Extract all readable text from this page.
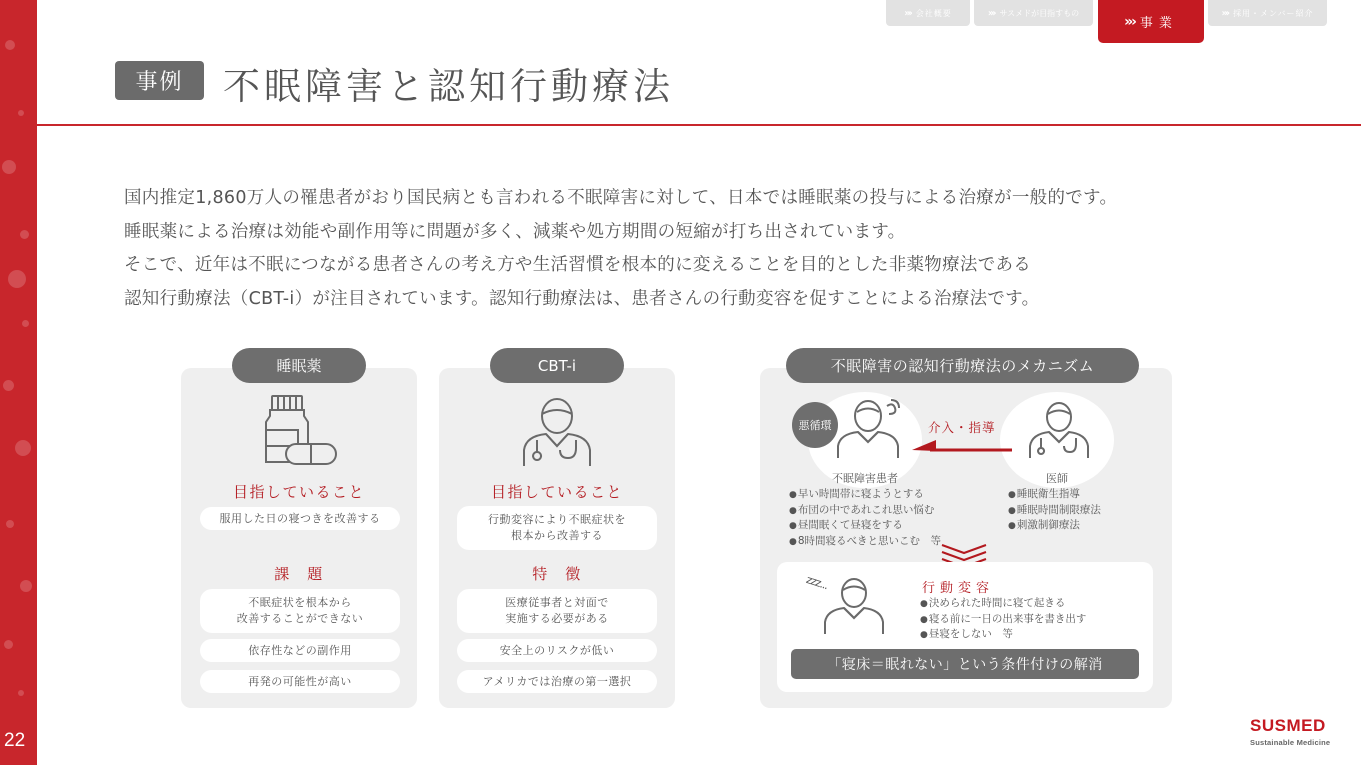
22
»› 会社概要	»› サスメドが目指すもの
»› 事業
»› 採用・メンバー紹介
事例	不眠障害と認知行動療法

国内推定1,860万人の罹患者がおり国民病とも言われる不眠障害に対して、日本では睡眠薬の投与による治療が一般的です。

睡眠薬による治療は効能や副作用等に問題が多く、減薬や処方期間の短縮が打ち出されています。

そこで、近年は不眠につながる患者さんの考え方や生活習慣を根本的に変えることを目的とした非薬物療法である

認知行動療法（CBT-i）が注目されています。認知行動療法は、患者さんの行動変容を促すことによる治療法です。

睡眠薬
目指していること
服用した日の寝つきを改善する
課　題
不眠症状を根本から
改善することができない
依存性などの副作用
再発の可能性が高い
CBT-i
目指していること
行動変容により不眠症状を
根本から改善する
特　徴
医療従事者と対面で
実施する必要がある
安全上のリスクが低い
アメリカでは治療の第一選択
不眠障害の認知行動療法のメカニズム
悪循環
不眠障害患者	医師
介入・指導
● 早い時間帯に寝ようとする
● 布団の中であれこれ思い悩む
● 昼間眠くて昼寝をする
● 8時間寝るべきと思いこむ　等
● 睡眠衛生指導
● 睡眠時間制限療法
● 刺激制御療法
zzz...	行動変容
● 決められた時間に寝て起きる
● 寝る前に一日の出来事を書き出す
● 昼寝をしない　等
「寝床＝眠れない」という条件付けの解消
SUSMED
Sustainable Medicine
